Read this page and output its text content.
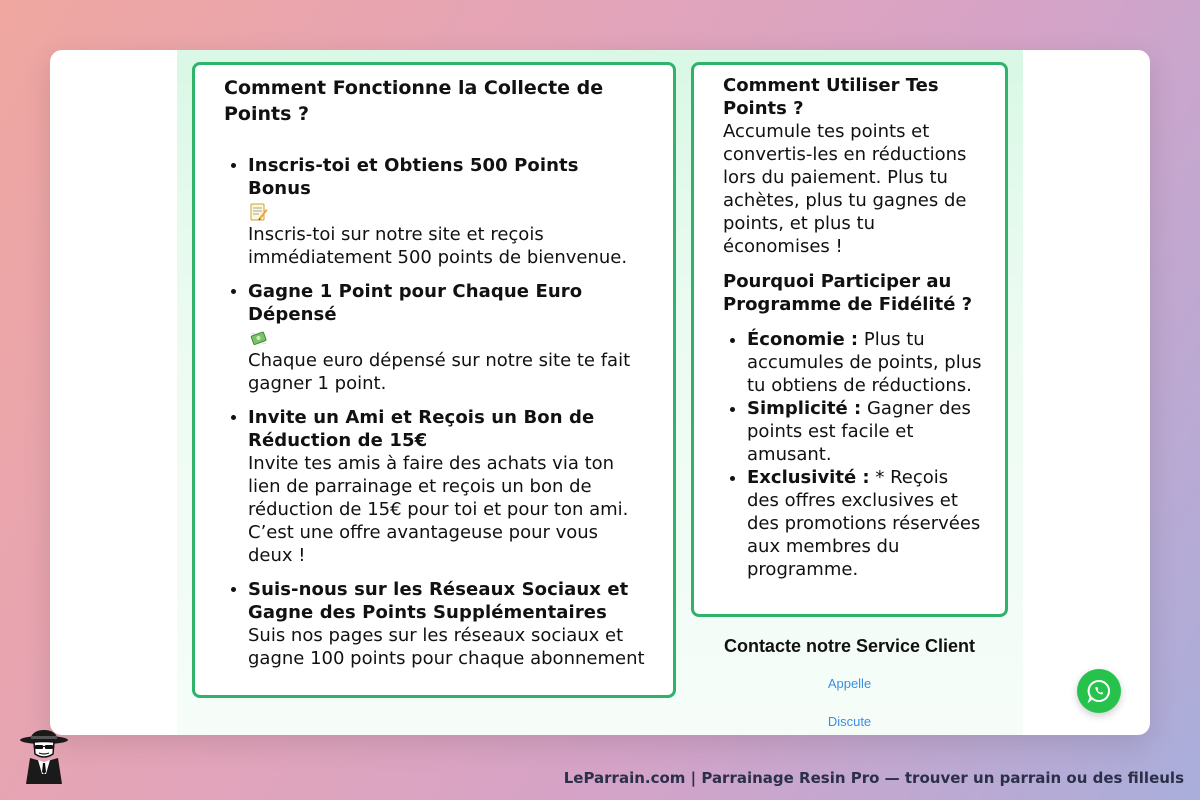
Comment Fonctionne la Collecte de Points ?
• Inscris-toi et Obtiens 500 Points Bonus

Inscris-toi sur notre site et reçois immédiatement 500 points de bienvenue.
• Gagne 1 Point pour Chaque Euro Dépensé

Chaque euro dépensé sur notre site te fait gagner 1 point.
• Invite un Ami et Reçois un Bon de Réduction de 15€
Invite tes amis à faire des achats via ton lien de parrainage et reçois un bon de réduction de 15€ pour toi et pour ton ami. C’est une offre avantageuse pour vous deux !
• Suis-nous sur les Réseaux Sociaux et Gagne des Points Supplémentaires
Suis nos pages sur les réseaux sociaux et gagne 100 points pour chaque abonnement
Comment Utiliser Tes Points ?

Accumule tes points et convertis-les en réductions lors du paiement. Plus tu achètes, plus tu gagnes de points, et plus tu économises !

Pourquoi Participer au Programme de Fidélité ?
• Économie : Plus tu accumules de points, plus tu obtiens de réductions.
• Simplicité : Gagner des points est facile et amusant.
• Exclusivité : * Reçois des offres exclusives et des promotions réservées aux membres du programme.
Contacte notre Service Client
Appelle
Discute
LeParrain.com | Parrainage Resin Pro — trouver un parrain ou des filleuls
